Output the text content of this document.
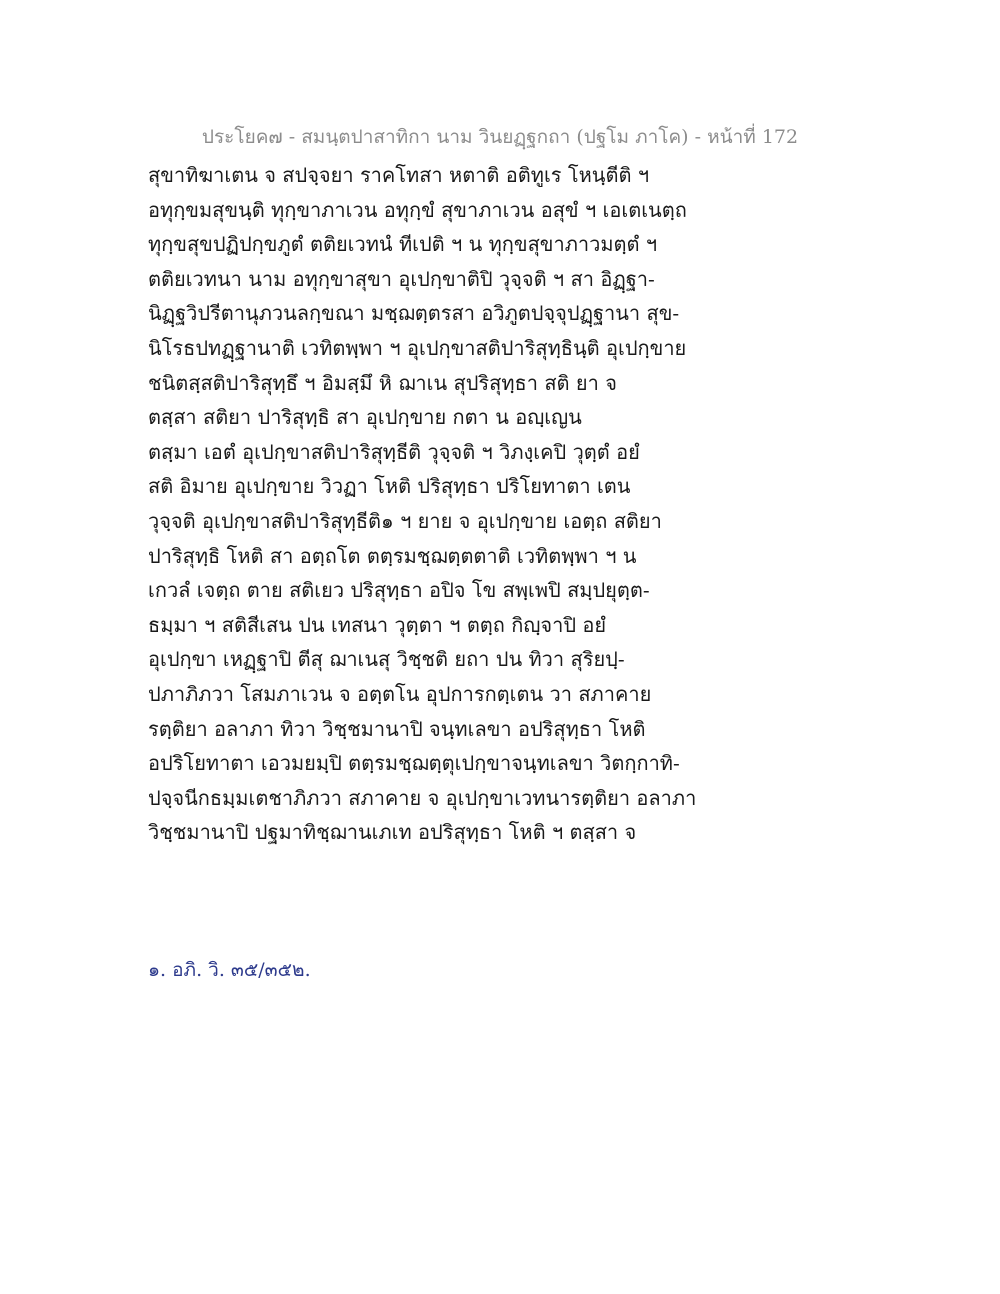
ประโยค๗ - สมนฺตปาสาทิกา นาม วินยฏฺฐกถา (ปฐโม ภาโค) - หน้าที่ 172
สุขาทิฆาเตน จ สปจฺจยา ราคโทสา หตาติ อติทูเร โหนฺตีติ ฯ
อทุกฺขมสุขนฺติ ทุกฺขาภาเวน อทุกฺขํ สุขาภาเวน อสุขํ ฯ เอเตเนตฺถ
ทุกฺขสุขปฏิปกฺขภูตํ ตติยเวทนํ ทีเปติ ฯ น ทุกฺขสุขาภาวมตฺตํ ฯ
ตติยเวทนา นาม อทุกฺขาสุขา อุเปกฺขาติปิ วุจฺจติ ฯ สา อิฏฺฐา-
นิฏฺฐวิปรีตานุภวนลกฺขณา มชฺฌตฺตรสา อวิภูตปจฺจุปฏฺฐานา สุข-
นิโรธปทฏฺฐานาติ เวทิตพฺพา ฯ อุเปกฺขาสติปาริสุทฺธินฺติ อุเปกฺขาย
ชนิตสฺสติปาริสุทฺธึ ฯ อิมสฺมึ หิ ฌาเน สุปริสุทฺธา สติ ยา จ
ตสฺสา สติยา ปาริสุทฺธิ สา อุเปกฺขาย กตา น อญฺเญน
ตสฺมา เอตํ อุเปกฺขาสติปาริสุทฺธีติ วุจฺจติ ฯ วิภงฺเคปิ วุตฺตํ อยํ
สติ อิมาย อุเปกฺขาย วิวฏา โหติ ปริสุทฺธา ปริโยทาตา เตน
วุจฺจติ อุเปกฺขาสติปาริสุทฺธีติ๑ ฯ ยาย จ อุเปกฺขาย เอตฺถ สติยา
ปาริสุทฺธิ โหติ สา อตฺถโต ตตฺรมชฺฌตฺตตาติ เวทิตพฺพา ฯ น
เกวลํ เจตฺถ ตาย สติเยว ปริสุทฺธา อปิจ โข สพฺเพปิ สมฺปยุตฺต-
ธมฺมา ฯ สติสีเสน ปน เทสนา วุตฺตา ฯ ตตฺถ กิญฺจาปิ อยํ
อุเปกฺขา เหฏฺฐาปิ ตีสุ ฌาเนสุ วิชฺชติ ยถา ปน ทิวา สุริยปฺ-
ปภาภิภวา โสมภาเวน จ อตฺตโน อุปการกตฺเตน วา สภาคาย
รตฺติยา อลาภา ทิวา วิชฺชมานาปิ จนฺทเลขา อปริสุทฺธา โหติ
อปริโยทาตา เอวมยมฺปิ ตตฺรมชฺฌตฺตุเปกฺขาจนฺทเลขา วิตกฺกาทิ-
ปจฺจนีกธมฺมเตชาภิภวา สภาคาย จ อุเปกฺขาเวทนารตฺติยา อลาภา
วิชฺชมานาปิ ปฐมาทิชฺฌานเภเท อปริสุทฺธา โหติ ฯ ตสฺสา จ
๑. อภิ. วิ. ๓๕/๓๕๒.
